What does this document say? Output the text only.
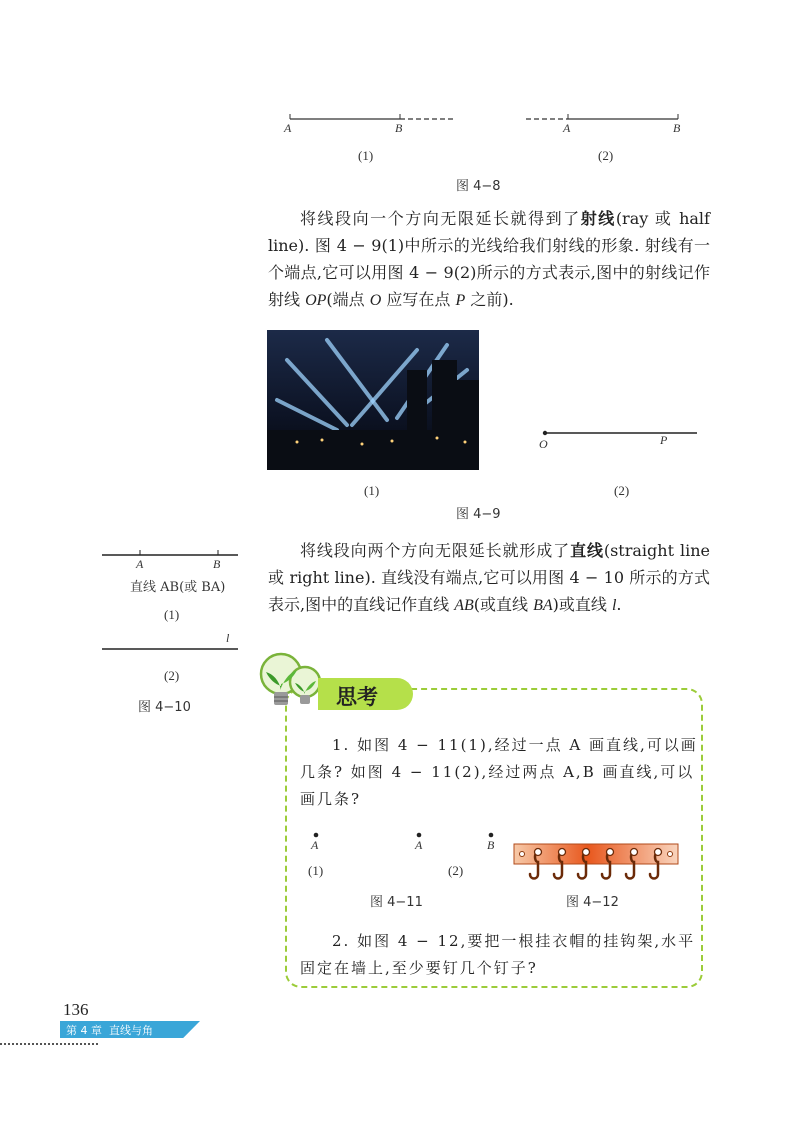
A	B	A	B
(1)	(2)
图 4−8

将线段向一个方向无限延长就得到了射线(ray 或 half line). 图 4 − 9(1)中所示的光线给我们射线的形象. 射线有一个端点,它可以用图 4 − 9(2)所示的方式表示,图中的射线记作射线 OP(端点 O 应写在点 P 之前).

O	P
(1)	(2)
图 4−9
A	B
直线 AB(或 BA)
(1)
l
(2)
图 4−10

将线段向两个方向无限延长就形成了直线(straight line 或 right line). 直线没有端点,它可以用图 4 − 10 所示的方式表示,图中的直线记作直线 AB(或直线 BA)或直线 l.

思考

1. 如图 4 − 11(1),经过一点 A 画直线,可以画几条? 如图 4 − 11(2),经过两点 A,B 画直线,可以画几条?

A	A	B
(1)	(2)
图 4−11	图 4−12

2. 如图 4 − 12,要把一根挂衣帽的挂钩架,水平固定在墙上,至少要钉几个钉子?

136
第 4 章  直线与角
